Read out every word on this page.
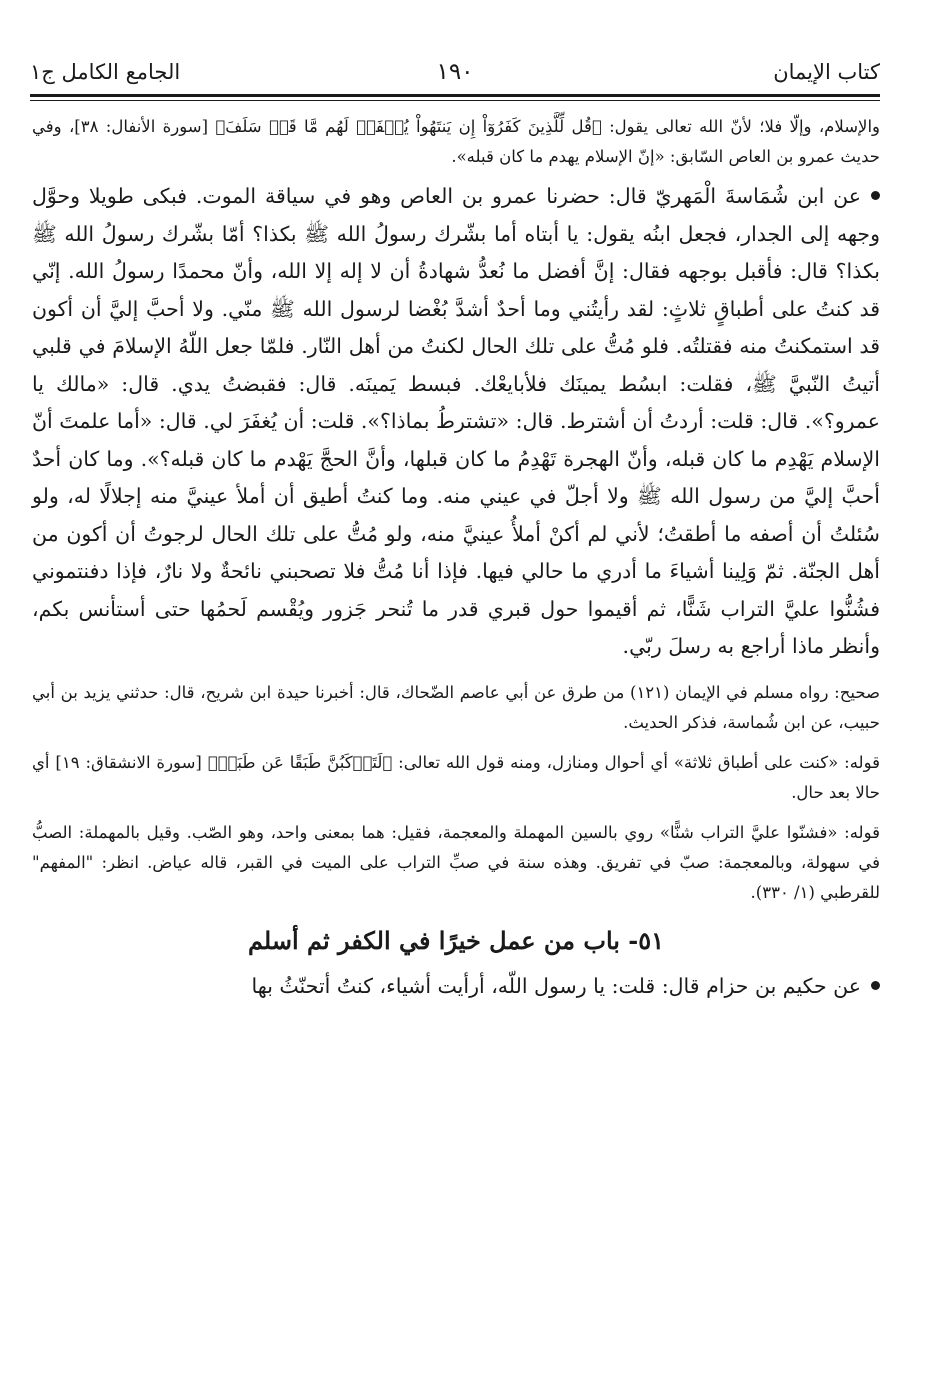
كتاب الإيمان
١٩٠
الجامع الكامل ج١

والإسلام، وإلّا فلا؛ لأنّ الله تعالى يقول: ﴿قُل لِّلَّذِينَ كَفَرُوٓاْ إِن يَنتَهُواْ يُغۡفَرۡ لَهُم مَّا قَدۡ سَلَفَ﴾ [سورة الأنفال: ٣٨]، وفي حديث عمرو بن العاص السّابق: «إنّ الإسلام يهدم ما كان قبله».

عن ابن شُمَاسةَ الْمَهريّ قال: حضرنا عمرو بن العاص وهو في سياقة الموت. فبكى طويلا وحوَّل وجهه إلى الجدار، فجعل ابنُه يقول: يا أبتاه أما بشّرك رسولُ الله ﷺ بكذا؟ أمّا بشّرك رسولُ الله ﷺ بكذا؟ قال: فأقبل بوجهه فقال: إنَّ أفضل ما نُعدُّ شهادةُ أن لا إله إلا الله، وأنّ محمدًا رسولُ الله. إنّي قد كنتُ على أطباقٍ ثلاثٍ: لقد رأيتُني وما أحدٌ أشدَّ بُغْضا لرسول الله ﷺ منّي. ولا أحبَّ إليَّ أن أكون قد استمكنتُ منه فقتلتُه. فلو مُتُّ على تلك الحال لكنتُ من أهل النّار. فلمّا جعل اللّهُ الإسلامَ في قلبي أتيتُ النّبيَّ ﷺ، فقلت: ابسُط يمينَك فلأبايعْك. فبسط يَمينَه. قال: فقبضتُ يدي. قال: «مالك يا عمرو؟». قال: قلت: أردتُ أن أشترط. قال: «تشترطُ بماذا؟». قلت: أن يُغفَرَ لي. قال: «أما علمتَ أنّ الإسلام يَهْدِم ما كان قبله، وأنّ الهجرة تَهْدِمُ ما كان قبلها، وأنَّ الحجَّ يَهْدم ما كان قبله؟». وما كان أحدٌ أحبَّ إليَّ من رسول الله ﷺ ولا أجلّ في عيني منه. وما كنتُ أطيق أن أملأ عينيَّ منه إجلالًا له، ولو سُئلتُ أن أصفه ما أطقتُ؛ لأني لم أكنْ أملأُ عينيَّ منه، ولو مُتُّ على تلك الحال لرجوتُ أن أكون من أهل الجنّة. ثمّ وَلِينا أشياءَ ما أدري ما حالي فيها. فإذا أنا مُتُّ فلا تصحبني نائحةٌ ولا نارٌ، فإذا دفنتموني فشُنُّوا عليَّ التراب شَنًّا، ثم أقيموا حول قبري قدر ما تُنحر جَزور ويُقْسم لَحمُها حتى أستأنس بكم، وأنظر ماذا أراجع به رسلَ ربّي.

صحيح: رواه مسلم في الإيمان (١٢١) من طرق عن أبي عاصم الضّحاك، قال: أخبرنا حيدة ابن شريح، قال: حدثني يزيد بن أبي حبيب، عن ابن شُماسة، فذكر الحديث.

قوله: «كنت على أطباق ثلاثة» أي أحوال ومنازل، ومنه قول الله تعالى: ﴿لَتَرۡكَبُنَّ طَبَقًا عَن طَبَقٖ﴾ [سورة الانشقاق: ١٩] أي حالا بعد حال.

قوله: «فشنّوا عليَّ التراب شنًّا» روي بالسين المهملة والمعجمة، فقيل: هما بمعنى واحد، وهو الصّب. وقيل بالمهملة: الصبُّ في سهولة، وبالمعجمة: صبّ في تفريق. وهذه سنة في صبِّ التراب على الميت في القبر، قاله عياض. انظر: "المفهم" للقرطبي (١/ ٣٣٠).

٥١- باب من عمل خيرًا في الكفر ثم أسلم

عن حكيم بن حزام قال: قلت: يا رسول اللّه، أرأيت أشياء، كنتُ أتحنّثُ بها
